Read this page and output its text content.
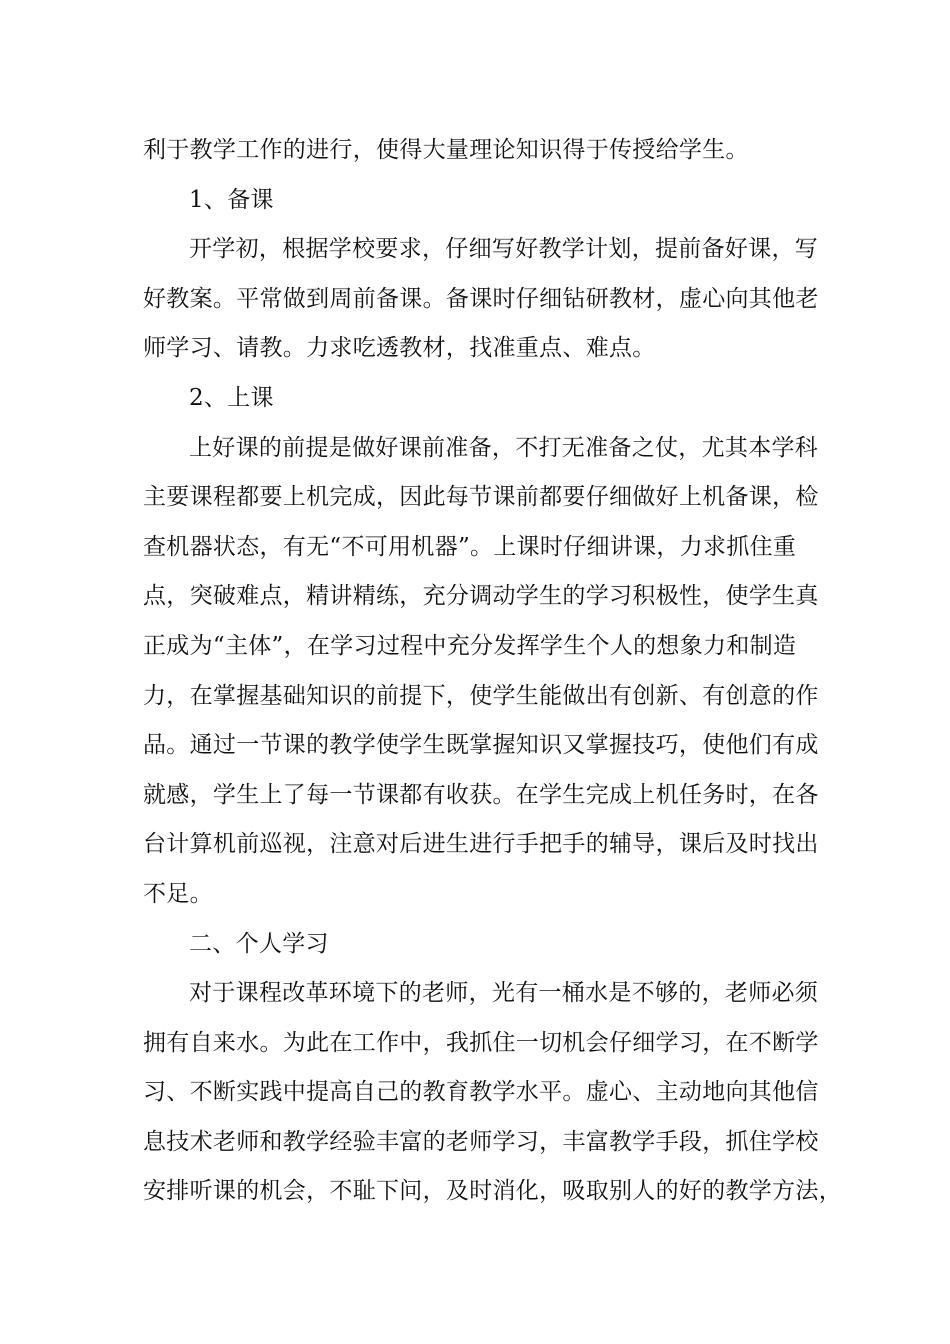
利于教学工作的进行，使得大量理论知识得于传授给学生。
1、备课
开学初，根据学校要求，仔细写好教学计划，提前备好课，写
好教案。平常做到周前备课。备课时仔细钻研教材，虚心向其他老
师学习、请教。力求吃透教材，找准重点、难点。
2、上课
上好课的前提是做好课前准备，不打无准备之仗，尤其本学科
主要课程都要上机完成，因此每节课前都要仔细做好上机备课，检
查机器状态，有无“不可用机器”。上课时仔细讲课，力求抓住重
点，突破难点，精讲精练，充分调动学生的学习积极性，使学生真
正成为“主体”，在学习过程中充分发挥学生个人的想象力和制造
力，在掌握基础知识的前提下，使学生能做出有创新、有创意的作
品。通过一节课的教学使学生既掌握知识又掌握技巧，使他们有成
就感，学生上了每一节课都有收获。在学生完成上机任务时，在各
台计算机前巡视，注意对后进生进行手把手的辅导，课后及时找出
不足。
二、个人学习
对于课程改革环境下的老师，光有一桶水是不够的，老师必须
拥有自来水。为此在工作中，我抓住一切机会仔细学习，在不断学
习、不断实践中提高自己的教育教学水平。虚心、主动地向其他信
息技术老师和教学经验丰富的老师学习，丰富教学手段，抓住学校
安排听课的机会，不耻下问，及时消化，吸取别人的好的教学方法，
